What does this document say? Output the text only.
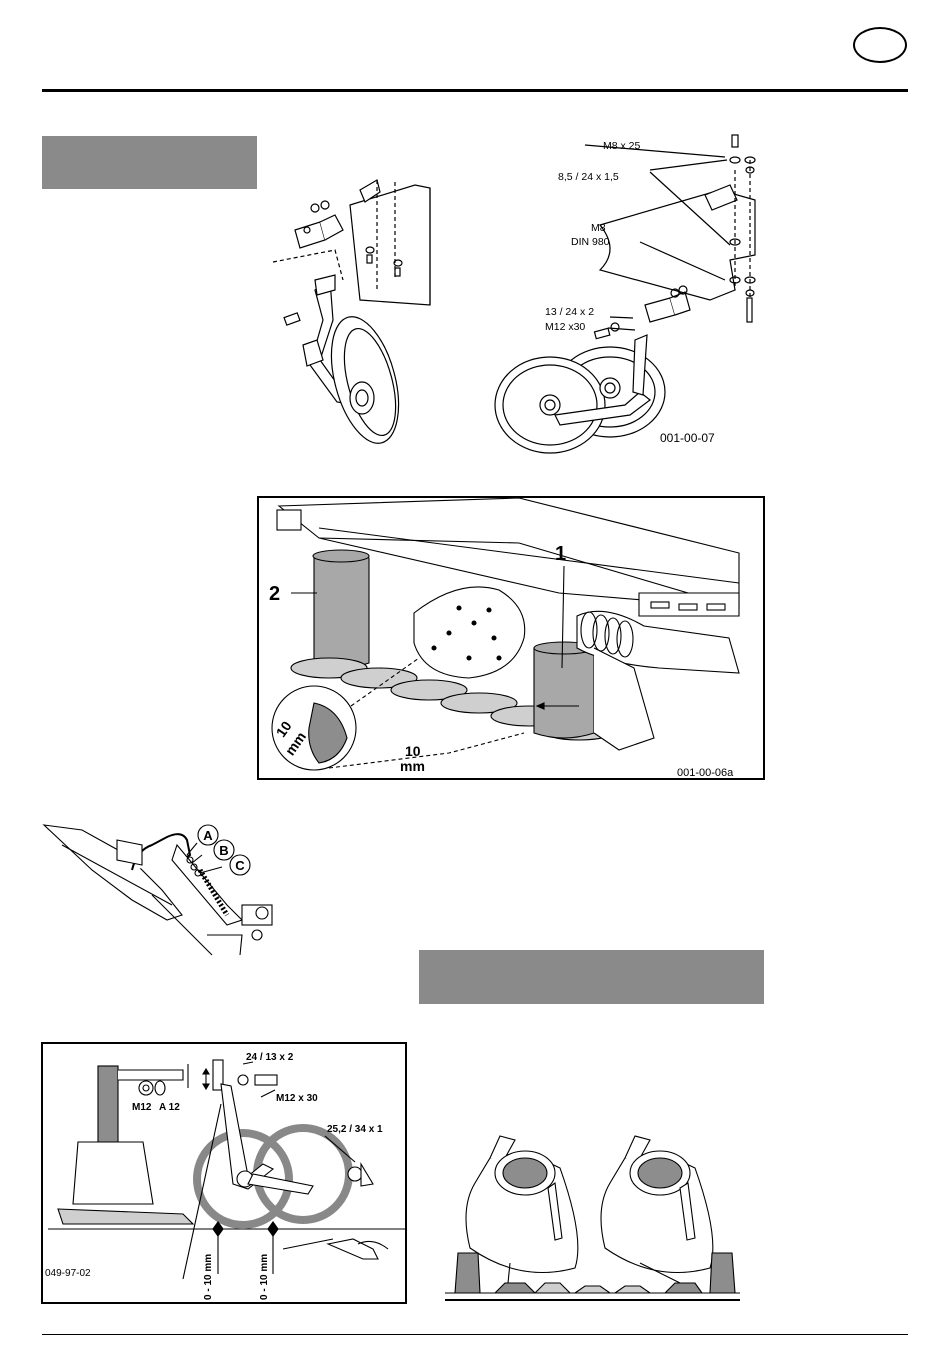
M8 x 25
8,5 / 24 x 1,5
M8
DIN 980
13 / 24 x 2
M12 x30
001-00-07
1
2
10
mm	10
mm	001-00-06a
A
B
C
24 / 13 x 2
M12 x 30
M12 A 12
25,2 / 34 x 1
0 - 10 mm	0 - 10 mm
049-97-02
